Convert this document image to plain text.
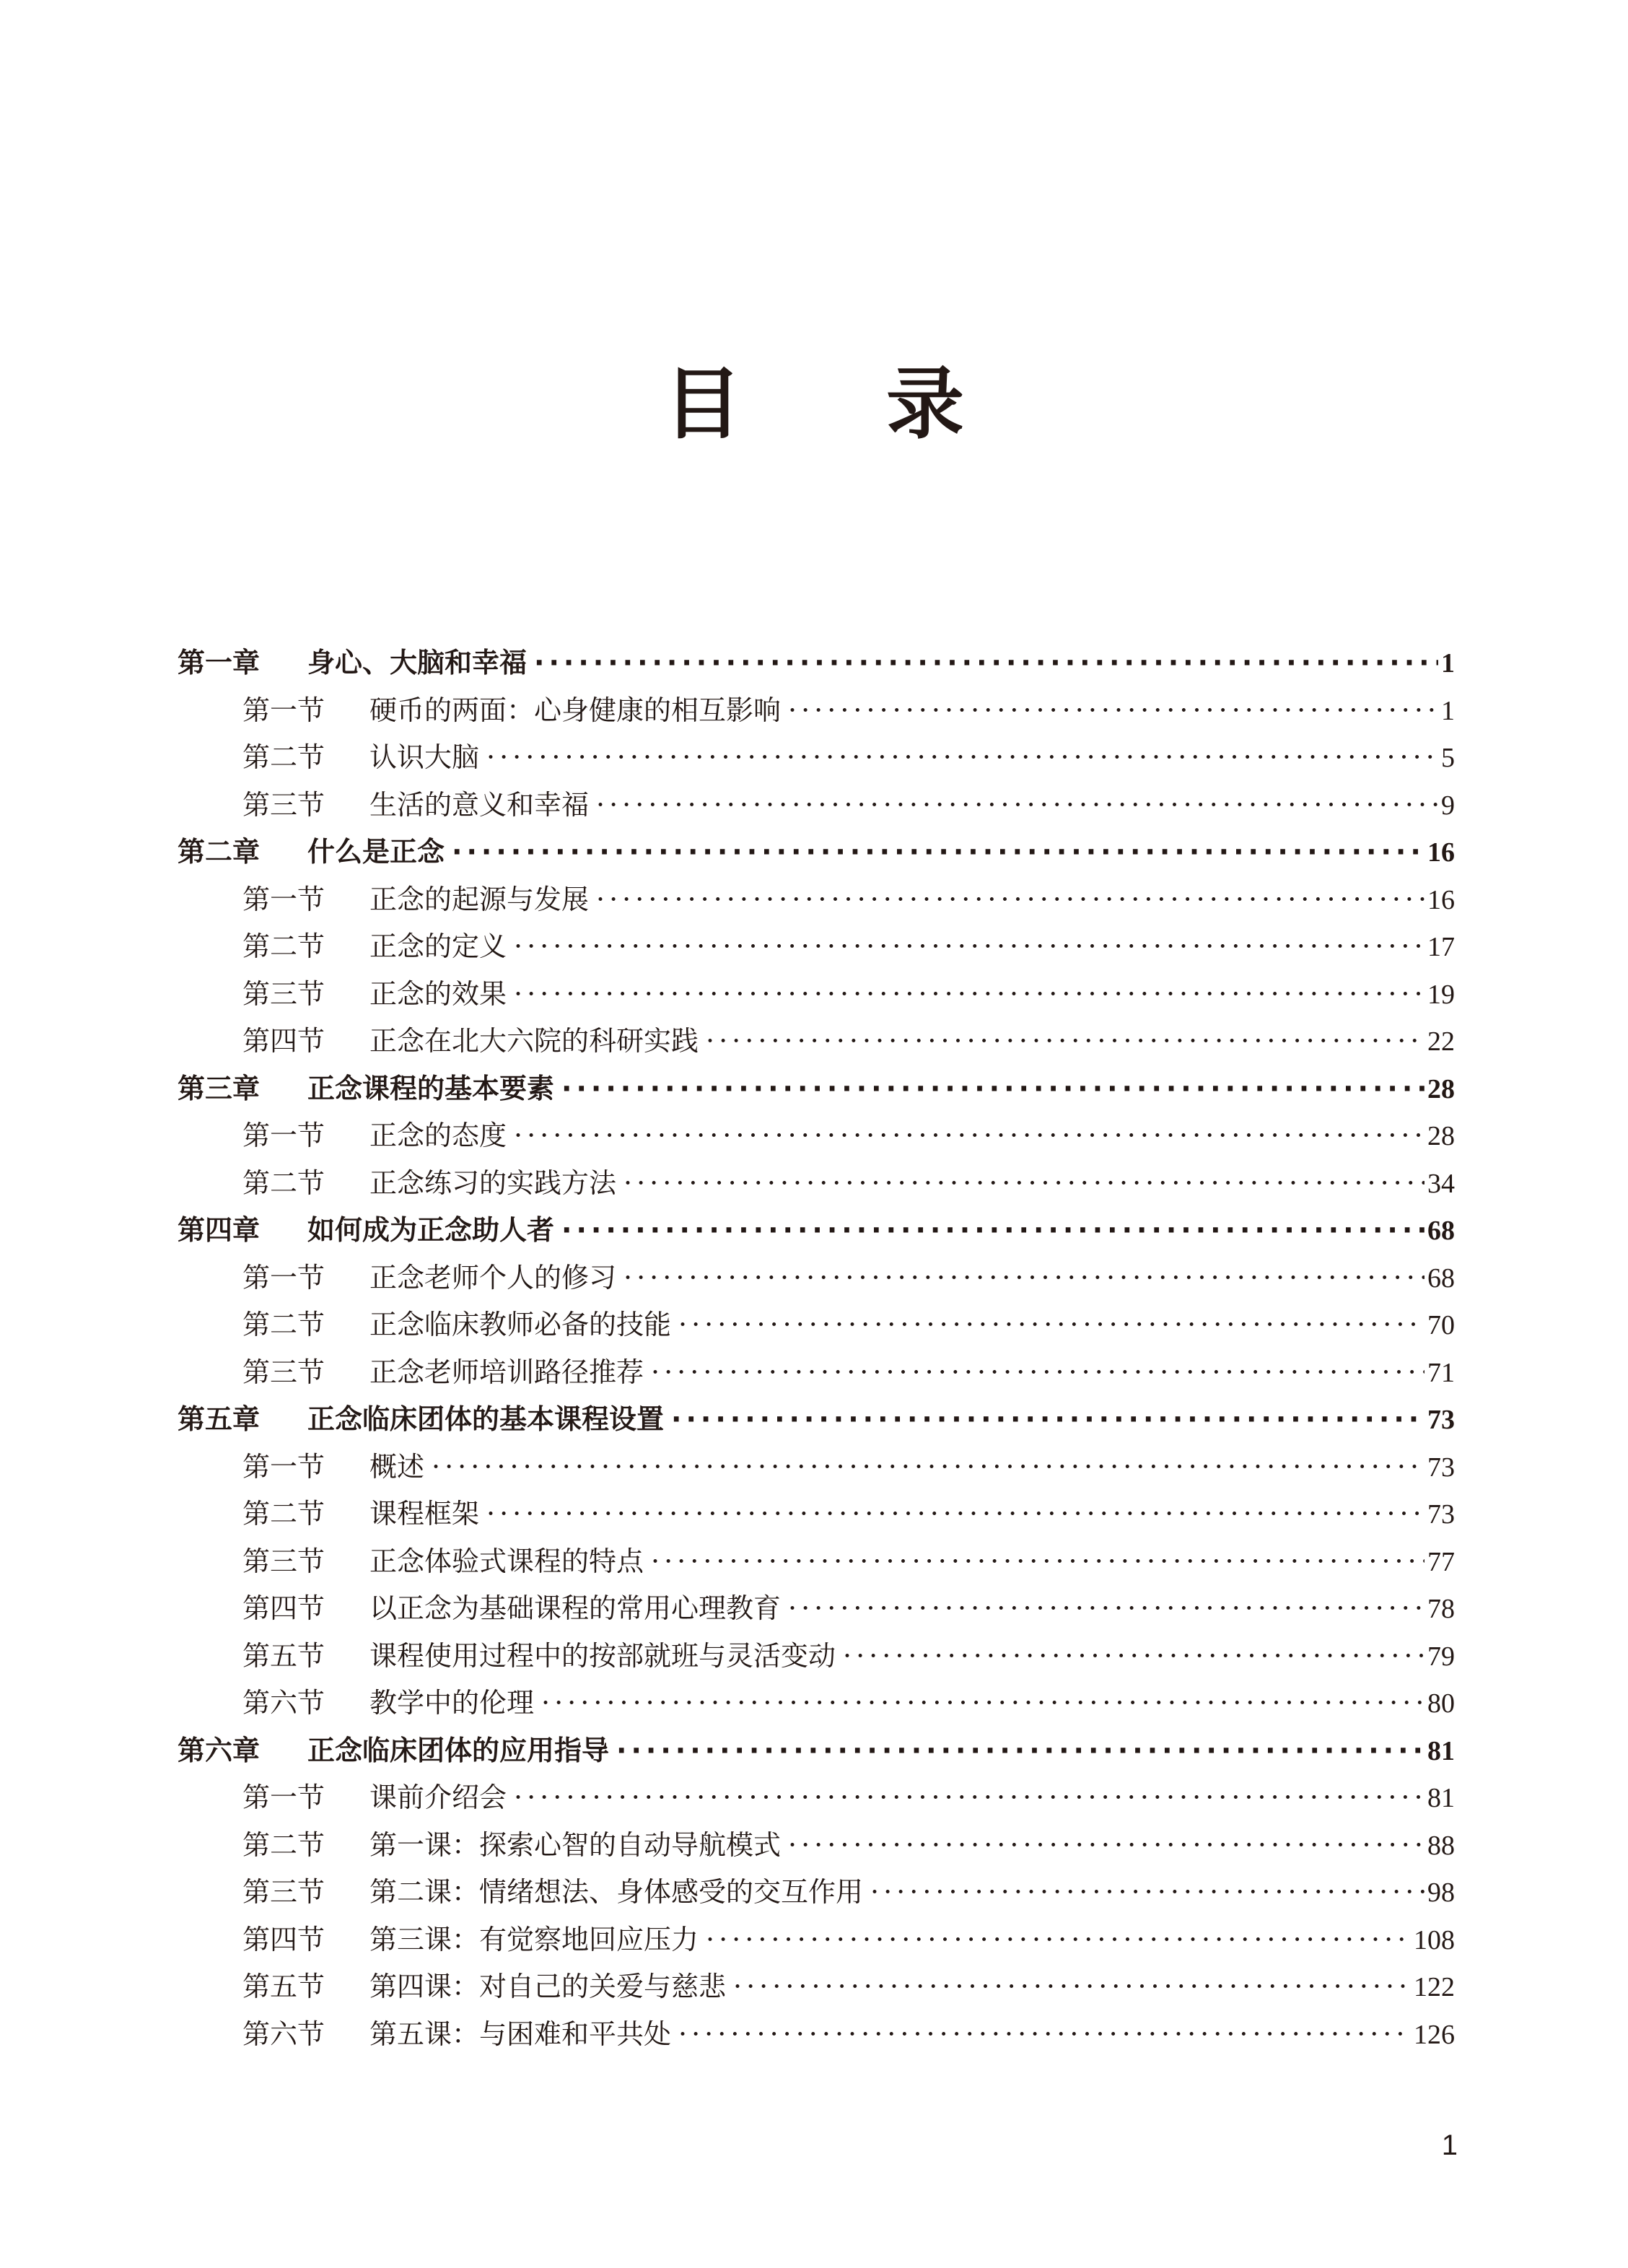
目录
第一章	身心、大脑和幸福 ·····	1
第一节	硬币的两面：心身健康的相互影响 ·····	1
第二节	认识大脑 ·····	5
第三节	生活的意义和幸福 ·····	9
第二章	什么是正念 ·····	16
第一节	正念的起源与发展 ·····	16
第二节	正念的定义 ·····	17
第三节	正念的效果 ·····	19
第四节	正念在北大六院的科研实践 ·····	22
第三章	正念课程的基本要素 ·····	28
第一节	正念的态度 ·····	28
第二节	正念练习的实践方法 ·····	34
第四章	如何成为正念助人者 ·····	68
第一节	正念老师个人的修习 ·····	68
第二节	正念临床教师必备的技能 ·····	70
第三节	正念老师培训路径推荐 ·····	71
第五章	正念临床团体的基本课程设置 ·····	73
第一节	概述 ·····	73
第二节	课程框架 ·····	73
第三节	正念体验式课程的特点 ·····	77
第四节	以正念为基础课程的常用心理教育 ·····	78
第五节	课程使用过程中的按部就班与灵活变动 ·····	79
第六节	教学中的伦理 ·····	80
第六章	正念临床团体的应用指导 ·····	81
第一节	课前介绍会 ·····	81
第二节	第一课：探索心智的自动导航模式 ·····	88
第三节	第二课：情绪想法、身体感受的交互作用 ·····	98
第四节	第三课：有觉察地回应压力 ·····	108
第五节	第四课：对自己的关爱与慈悲 ·····	122
第六节	第五课：与困难和平共处 ·····	126
1
